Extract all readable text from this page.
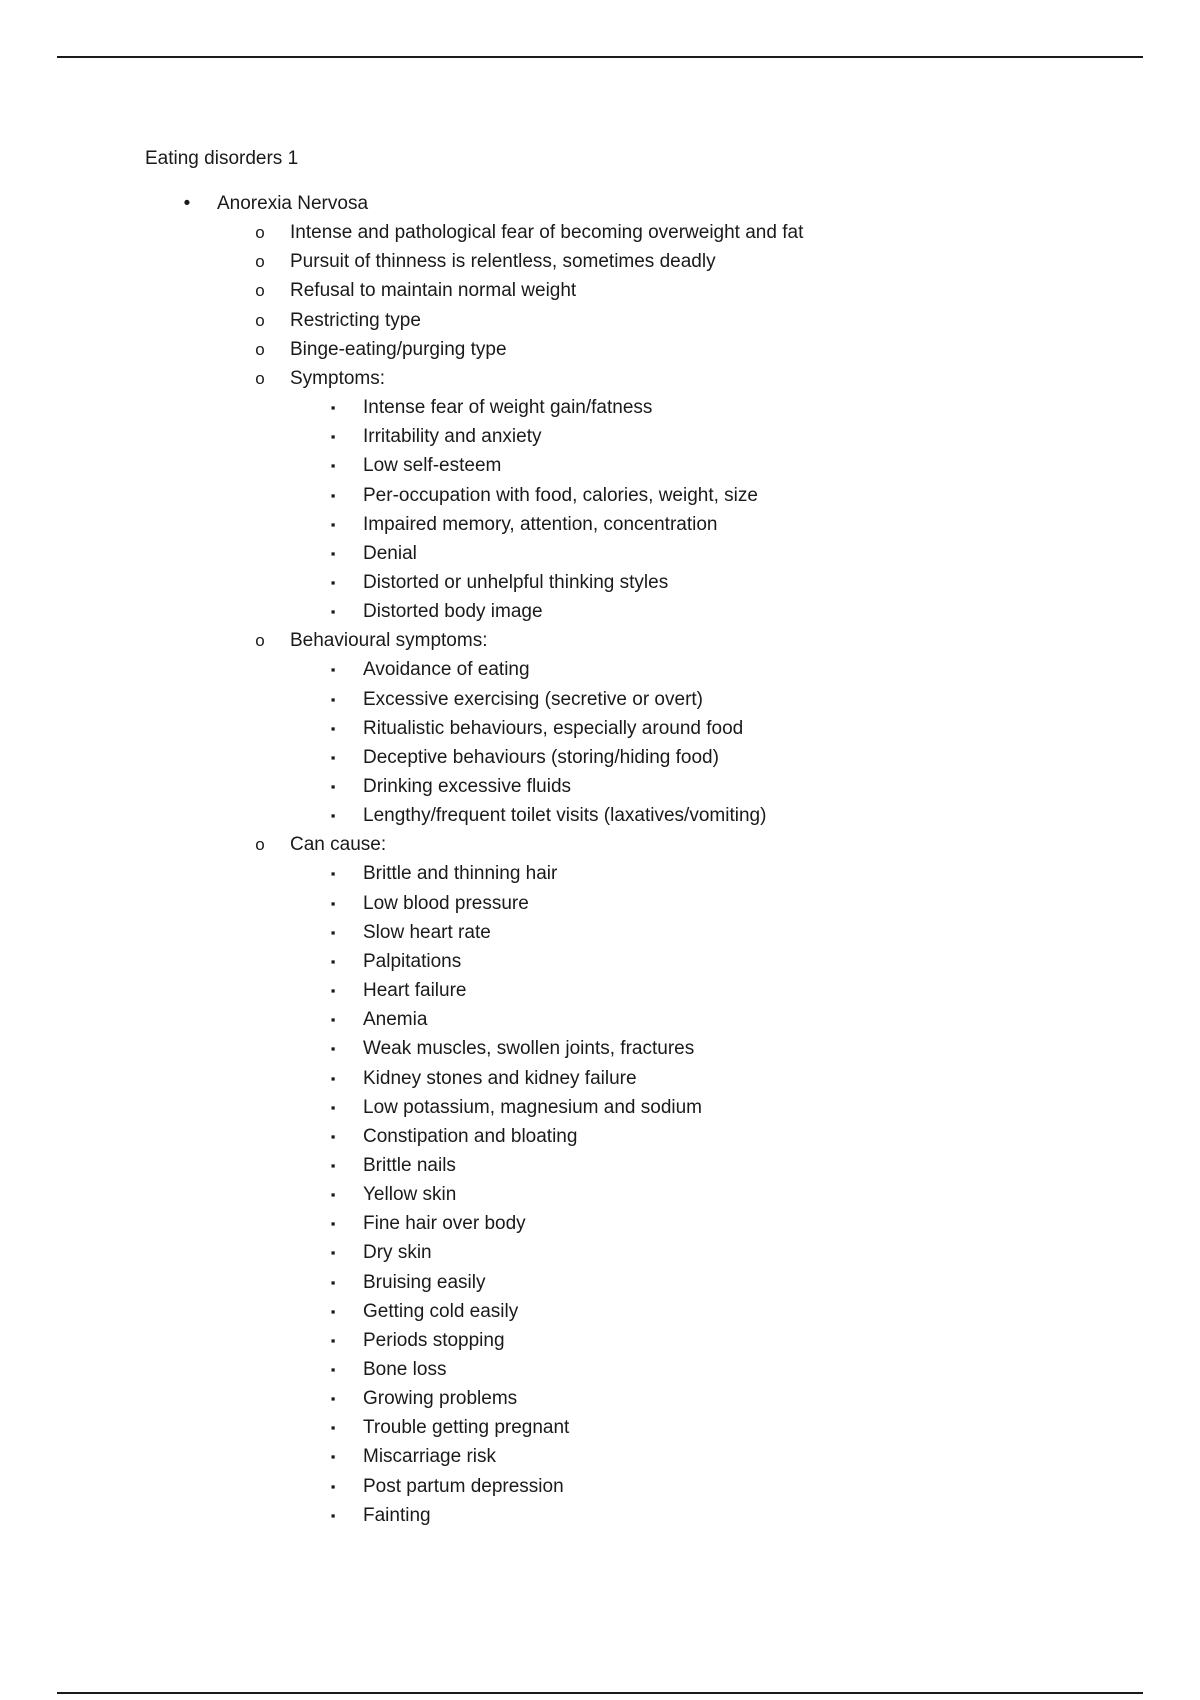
Eating disorders 1
• Anorexia Nervosa
o Intense and pathological fear of becoming overweight and fat
o Pursuit of thinness is relentless, sometimes deadly
o Refusal to maintain normal weight
o Restricting type
o Binge-eating/purging type
o Symptoms:
▪	Intense fear of weight gain/fatness
▪	Irritability and anxiety
▪	Low self-esteem
▪	Per-occupation with food, calories, weight, size
▪	Impaired memory, attention, concentration
▪	Denial
▪	Distorted or unhelpful thinking styles
▪	Distorted body image
o Behavioural symptoms:
▪	Avoidance of eating
▪	Excessive exercising (secretive or overt)
▪	Ritualistic behaviours, especially around food
▪	Deceptive behaviours (storing/hiding food)
▪	Drinking excessive fluids
▪	Lengthy/frequent toilet visits (laxatives/vomiting)
o Can cause:
▪	Brittle and thinning hair
▪	Low blood pressure
▪	Slow heart rate
▪	Palpitations
▪	Heart failure
▪	Anemia
▪	Weak muscles, swollen joints, fractures
▪	Kidney stones and kidney failure
▪	Low potassium, magnesium and sodium
▪	Constipation and bloating
▪	Brittle nails
▪	Yellow skin
▪	Fine hair over body
▪	Dry skin
▪	Bruising easily
▪	Getting cold easily
▪	Periods stopping
▪	Bone loss
▪	Growing problems
▪	Trouble getting pregnant
▪	Miscarriage risk
▪	Post partum depression
▪	Fainting
